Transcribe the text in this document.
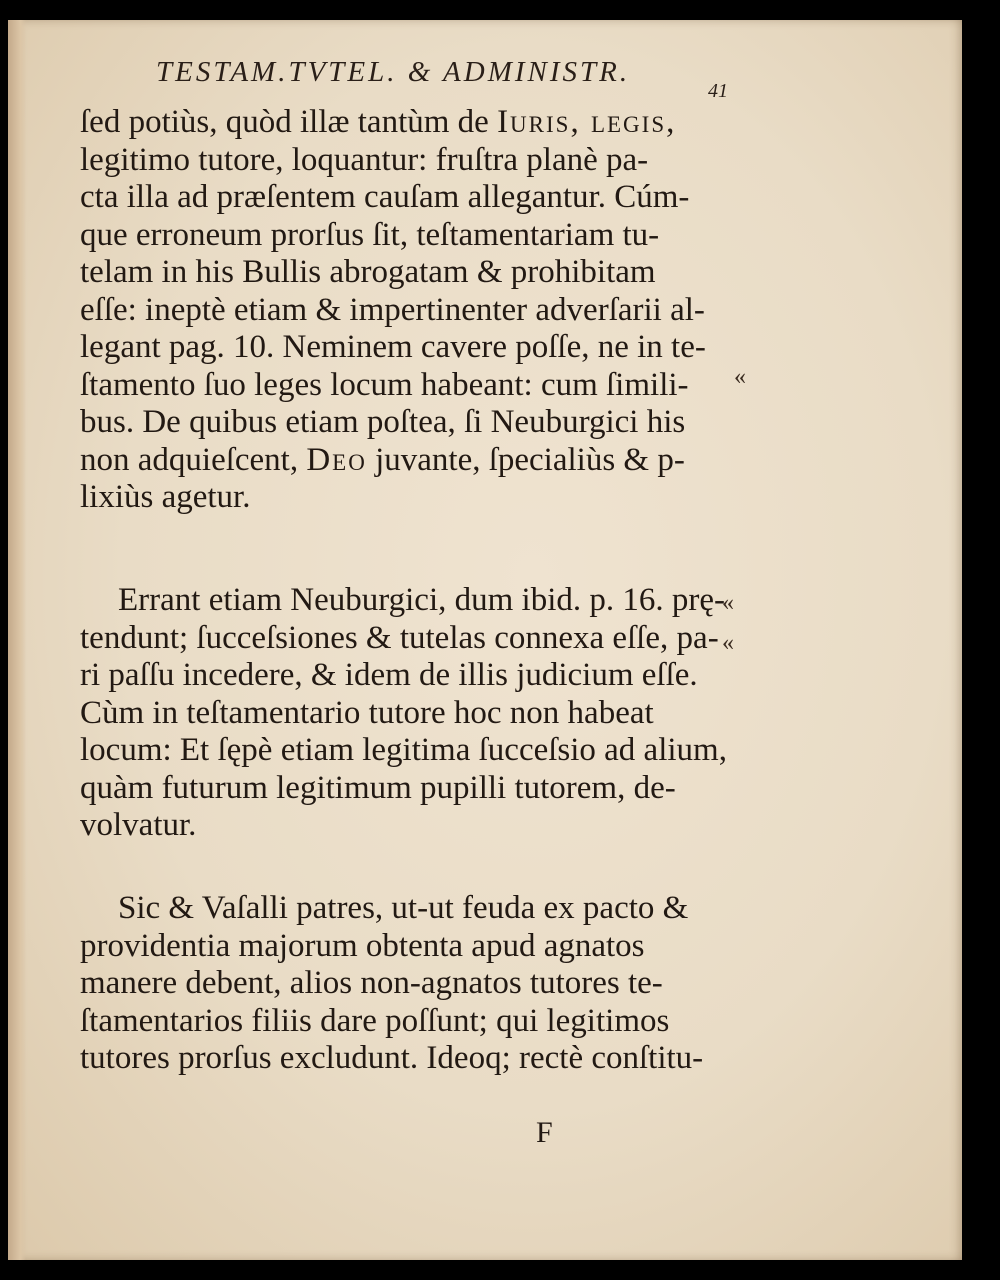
TESTAM.TVTEL. & ADMINISTR.
41
ſed potiùs, quòd illæ tantùm de Iuris, legis,
legitimo tutore, loquantur: fruſtra planè pa-
cta illa ad præſentem cauſam allegantur. Cúm-
que erroneum prorſus ſit, teſtamentariam tu-
telam in his Bullis abrogatam & prohibitam
eſſe: ineptè etiam & impertinenter adverſarii al-
legant pag. 10. Neminem cavere poſſe, ne in te-
ſtamento ſuo leges locum habeant: cum ſimili-
bus. De quibus etiam poſtea, ſi Neuburgici his
non adquieſcent, Deo juvante, ſpecialiùs & p-
lixiùs agetur.
Errant etiam Neuburgici, dum ibid. p. 16. prę-
tendunt; ſucceſsiones & tutelas connexa eſſe, pa-
ri paſſu incedere, & idem de illis judicium eſſe.
Cùm in teſtamentario tutore hoc non habeat
locum: Et ſępè etiam legitima ſucceſsio ad alium,
quàm futurum legitimum pupilli tutorem, de-
volvatur.
Sic & Vaſalli patres, ut-ut feuda ex pacto &
providentia majorum obtenta apud agnatos
manere debent, alios non-agnatos tutores te-
ſtamentarios filiis dare poſſunt; qui legitimos
tutores prorſus excludunt. Ideoq; rectè conſtitu-
«
«
«
F
